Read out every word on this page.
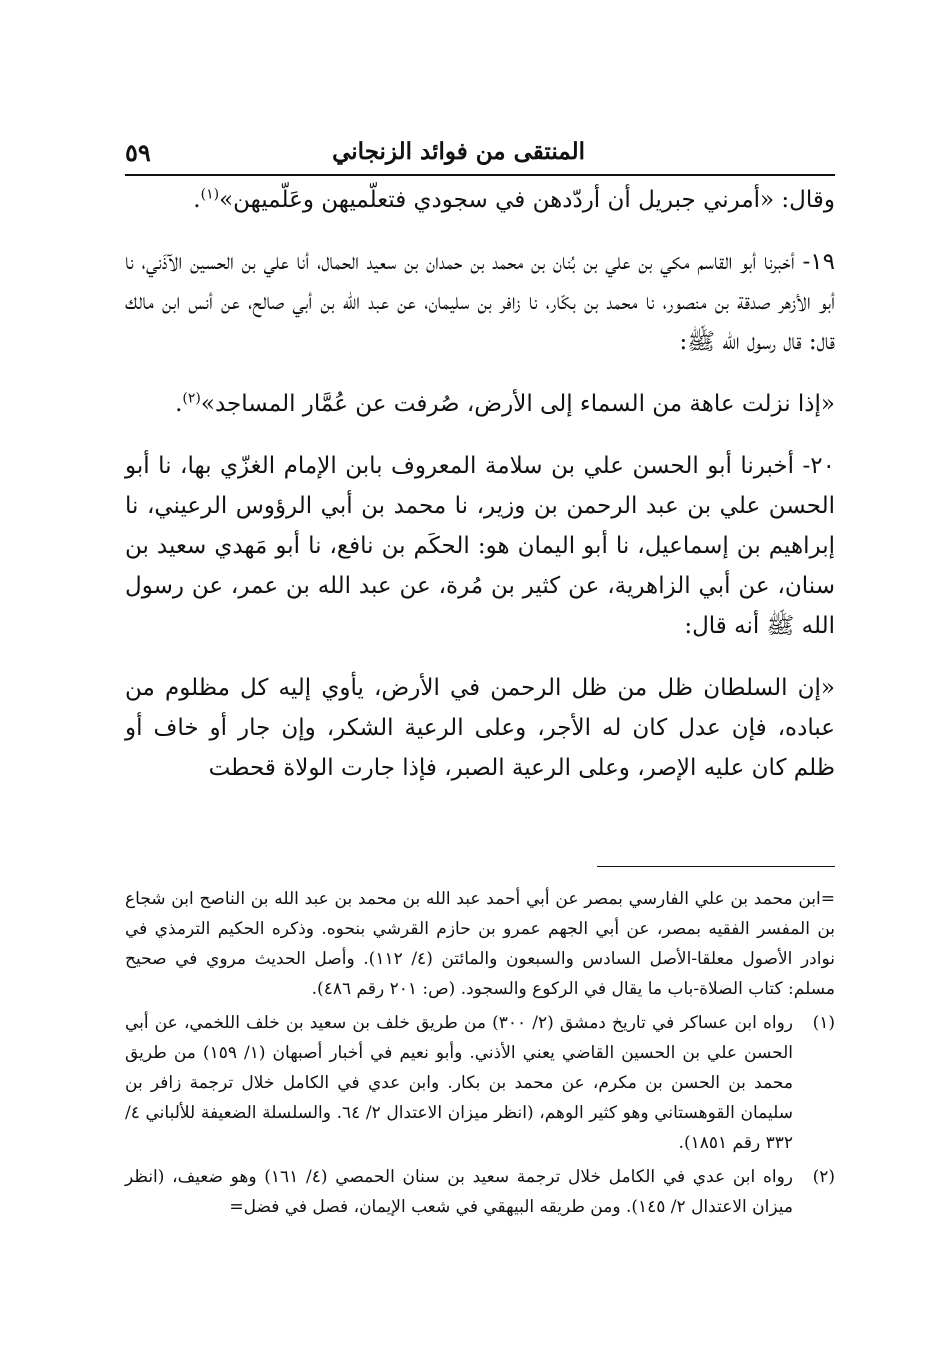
المنتقى من فوائد الزنجاني
٥٩

وقال: «أمرني جبريل أن أردّدهن في سجودي فتعلّميهن وعَلّميهن»$^{(١)}$.

١٩- أخبرنا أبو القاسم مكي بن علي بن بُنان بن محمد بن حمدان بن سعيد الحمال، أنا علي بن الحسين الآذَني، نا أبو الأزهر صدقة بن منصور، نا محمد بن بكّار، نا زافر بن سليمان، عن عبد الله بن أبي صالح، عن أنس ابن مالك قال: قال رسول الله ﷺ:

«إذا نزلت عاهة من السماء إلى الأرض، صُرفت عن عُمَّار المساجد»$^{(٢)}$.

٢٠- أخبرنا أبو الحسن علي بن سلامة المعروف بابن الإمام الغزّي بها، نا أبو الحسن علي بن عبد الرحمن بن وزير، نا محمد بن أبي الرؤوس الرعيني، نا إبراهيم بن إسماعيل، نا أبو اليمان هو: الحكَم بن نافع، نا أبو مَهدي سعيد بن سنان، عن أبي الزاهرية، عن كثير بن مُرة، عن عبد الله بن عمر، عن رسول الله ﷺ أنه قال:

«إن السلطان ظل من ظل الرحمن في الأرض، يأوي إليه كل مظلوم من عباده، فإن عدل كان له الأجر، وعلى الرعية الشكر، وإن جار أو خاف أو ظلم كان عليه الإصر، وعلى الرعية الصبر، فإذا جارت الولاة قحطت

=ابن محمد بن علي الفارسي بمصر عن أبي أحمد عبد الله بن محمد بن عبد الله بن الناصح ابن شجاع بن المفسر الفقيه بمصر، عن أبي الجهم عمرو بن حازم القرشي بنحوه. وذكره الحكيم الترمذي في نوادر الأصول معلقا-الأصل السادس والسبعون والمائتن (٤/ ١١٢). وأصل الحديث مروي في صحيح مسلم: كتاب الصلاة-باب ما يقال في الركوع والسجود. (ص: ٢٠١ رقم ٤٨٦).

(١)
رواه ابن عساكر في تاريخ دمشق (٢/ ٣٠٠) من طريق خلف بن سعيد بن خلف اللخمي، عن أبي الحسن علي بن الحسين القاضي يعني الأذني. وأبو نعيم في أخبار أصبهان (١/ ١٥٩) من طريق محمد بن الحسن بن مكرم، عن محمد بن بكار. وابن عدي في الكامل خلال ترجمة زافر بن سليمان القوهستاني وهو كثير الوهم، (انظر ميزان الاعتدال ٢/ ٦٤. والسلسلة الضعيفة للألباني ٤/ ٣٣٢ رقم ١٨٥١).
(٢)
رواه ابن عدي في الكامل خلال ترجمة سعيد بن سنان الحمصي (٤/ ١٦١) وهو ضعيف، (انظر ميزان الاعتدال ٢/ ١٤٥). ومن طريقه البيهقي في شعب الإيمان، فصل في فضل=
